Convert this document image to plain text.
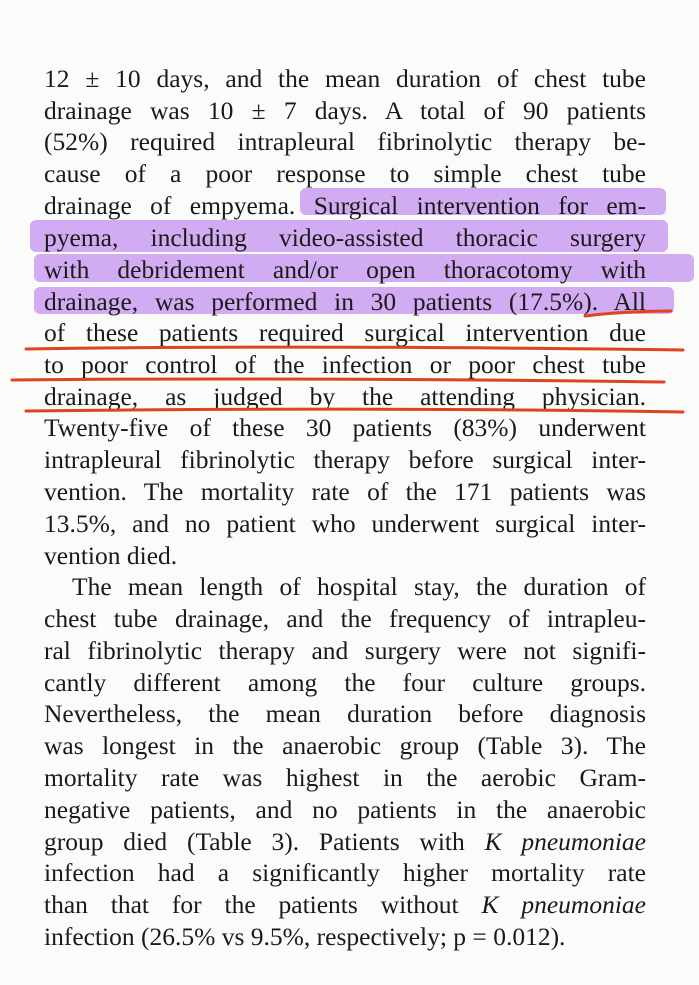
12 ± 10 days, and the mean duration of chest tube
drainage was 10 ± 7 days. A total of 90 patients
(52%) required intrapleural fibrinolytic therapy be-
cause of a poor response to simple chest tube
drainage of empyema. Surgical intervention for em-
pyema, including video-assisted thoracic surgery
with debridement and/or open thoracotomy with
drainage, was performed in 30 patients (17.5%). All
of these patients required surgical intervention due
to poor control of the infection or poor chest tube
drainage, as judged by the attending physician.
Twenty-five of these 30 patients (83%) underwent
intrapleural fibrinolytic therapy before surgical inter-
vention. The mortality rate of the 171 patients was
13.5%, and no patient who underwent surgical inter-
vention died.
The mean length of hospital stay, the duration of
chest tube drainage, and the frequency of intrapleu-
ral fibrinolytic therapy and surgery were not signifi-
cantly different among the four culture groups.
Nevertheless, the mean duration before diagnosis
was longest in the anaerobic group (Table 3). The
mortality rate was highest in the aerobic Gram-
negative patients, and no patients in the anaerobic
group died (Table 3). Patients with K pneumoniae
infection had a significantly higher mortality rate
than that for the patients without K pneumoniae
infection (26.5% vs 9.5%, respectively; p = 0.012).
